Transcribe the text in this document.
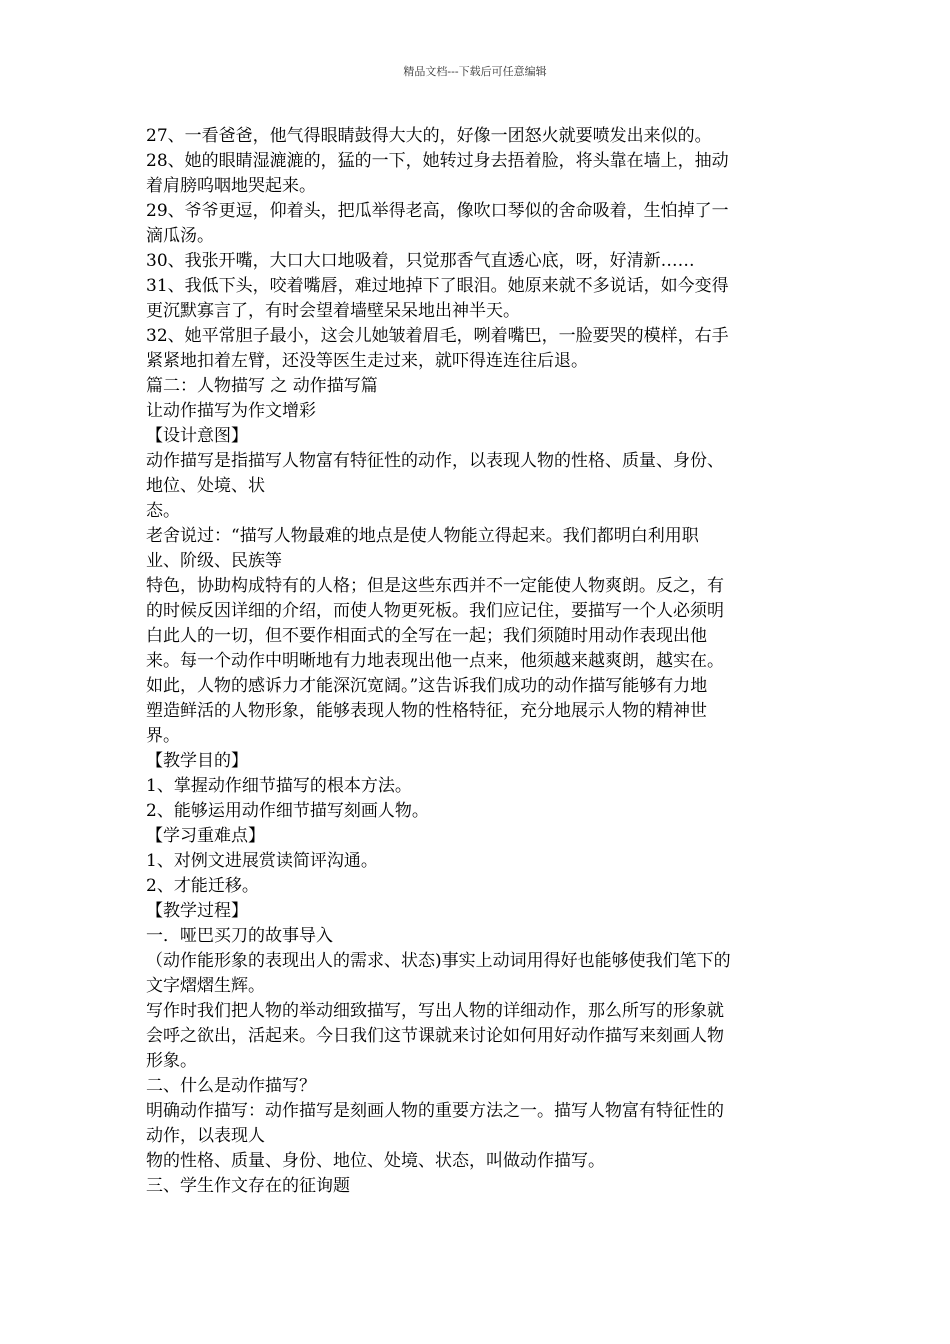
精品文档---下载后可任意编辑

27、一看爸爸，他气得眼睛鼓得大大的，好像一团怒火就要喷发出来似的。

28、她的眼睛湿漉漉的，猛的一下，她转过身去捂着脸，将头靠在墙上，抽动

着肩膀呜咽地哭起来。

29、爷爷更逗，仰着头，把瓜举得老高，像吹口琴似的舍命吸着，生怕掉了一

滴瓜汤。

30、我张开嘴，大口大口地吸着，只觉那香气直透心底，呀，好清新……

31、我低下头，咬着嘴唇，难过地掉下了眼泪。她原来就不多说话，如今变得

更沉默寡言了，有时会望着墙壁呆呆地出神半天。

32、她平常胆子最小，这会儿她皱着眉毛，咧着嘴巴，一脸要哭的模样，右手

紧紧地扣着左臂，还没等医生走过来，就吓得连连往后退。

篇二：人物描写 之 动作描写篇

让动作描写为作文增彩

【设计意图】

动作描写是指描写人物富有特征性的动作，以表现人物的性格、质量、身份、

地位、处境、状

态。

老舍说过：“描写人物最难的地点是使人物能立得起来。我们都明白利用职

业、阶级、民族等

特色，协助构成特有的人格；但是这些东西并不一定能使人物爽朗。反之，有

的时候反因详细的介绍，而使人物更死板。我们应记住，要描写一个人必须明

白此人的一切，但不要作相面式的全写在一起；我们须随时用动作表现出他

来。每一个动作中明晰地有力地表现出他一点来，他须越来越爽朗，越实在。

如此，人物的感诉力才能深沉宽阔。”这告诉我们成功的动作描写能够有力地

塑造鲜活的人物形象，能够表现人物的性格特征，充分地展示人物的精神世

界。

【教学目的】

1、掌握动作细节描写的根本方法。

2、能够运用动作细节描写刻画人物。

【学习重难点】

1、对例文进展赏读简评沟通。

2、才能迁移。

【教学过程】

一．哑巴买刀的故事导入

（动作能形象的表现出人的需求、状态)事实上动词用得好也能够使我们笔下的

文字熠熠生辉。

写作时我们把人物的举动细致描写，写出人物的详细动作，那么所写的形象就

会呼之欲出，活起来。今日我们这节课就来讨论如何用好动作描写来刻画人物

形象。

二、什么是动作描写？

明确动作描写：动作描写是刻画人物的重要方法之一。描写人物富有特征性的

动作，以表现人

物的性格、质量、身份、地位、处境、状态，叫做动作描写。

三、学生作文存在的征询题
